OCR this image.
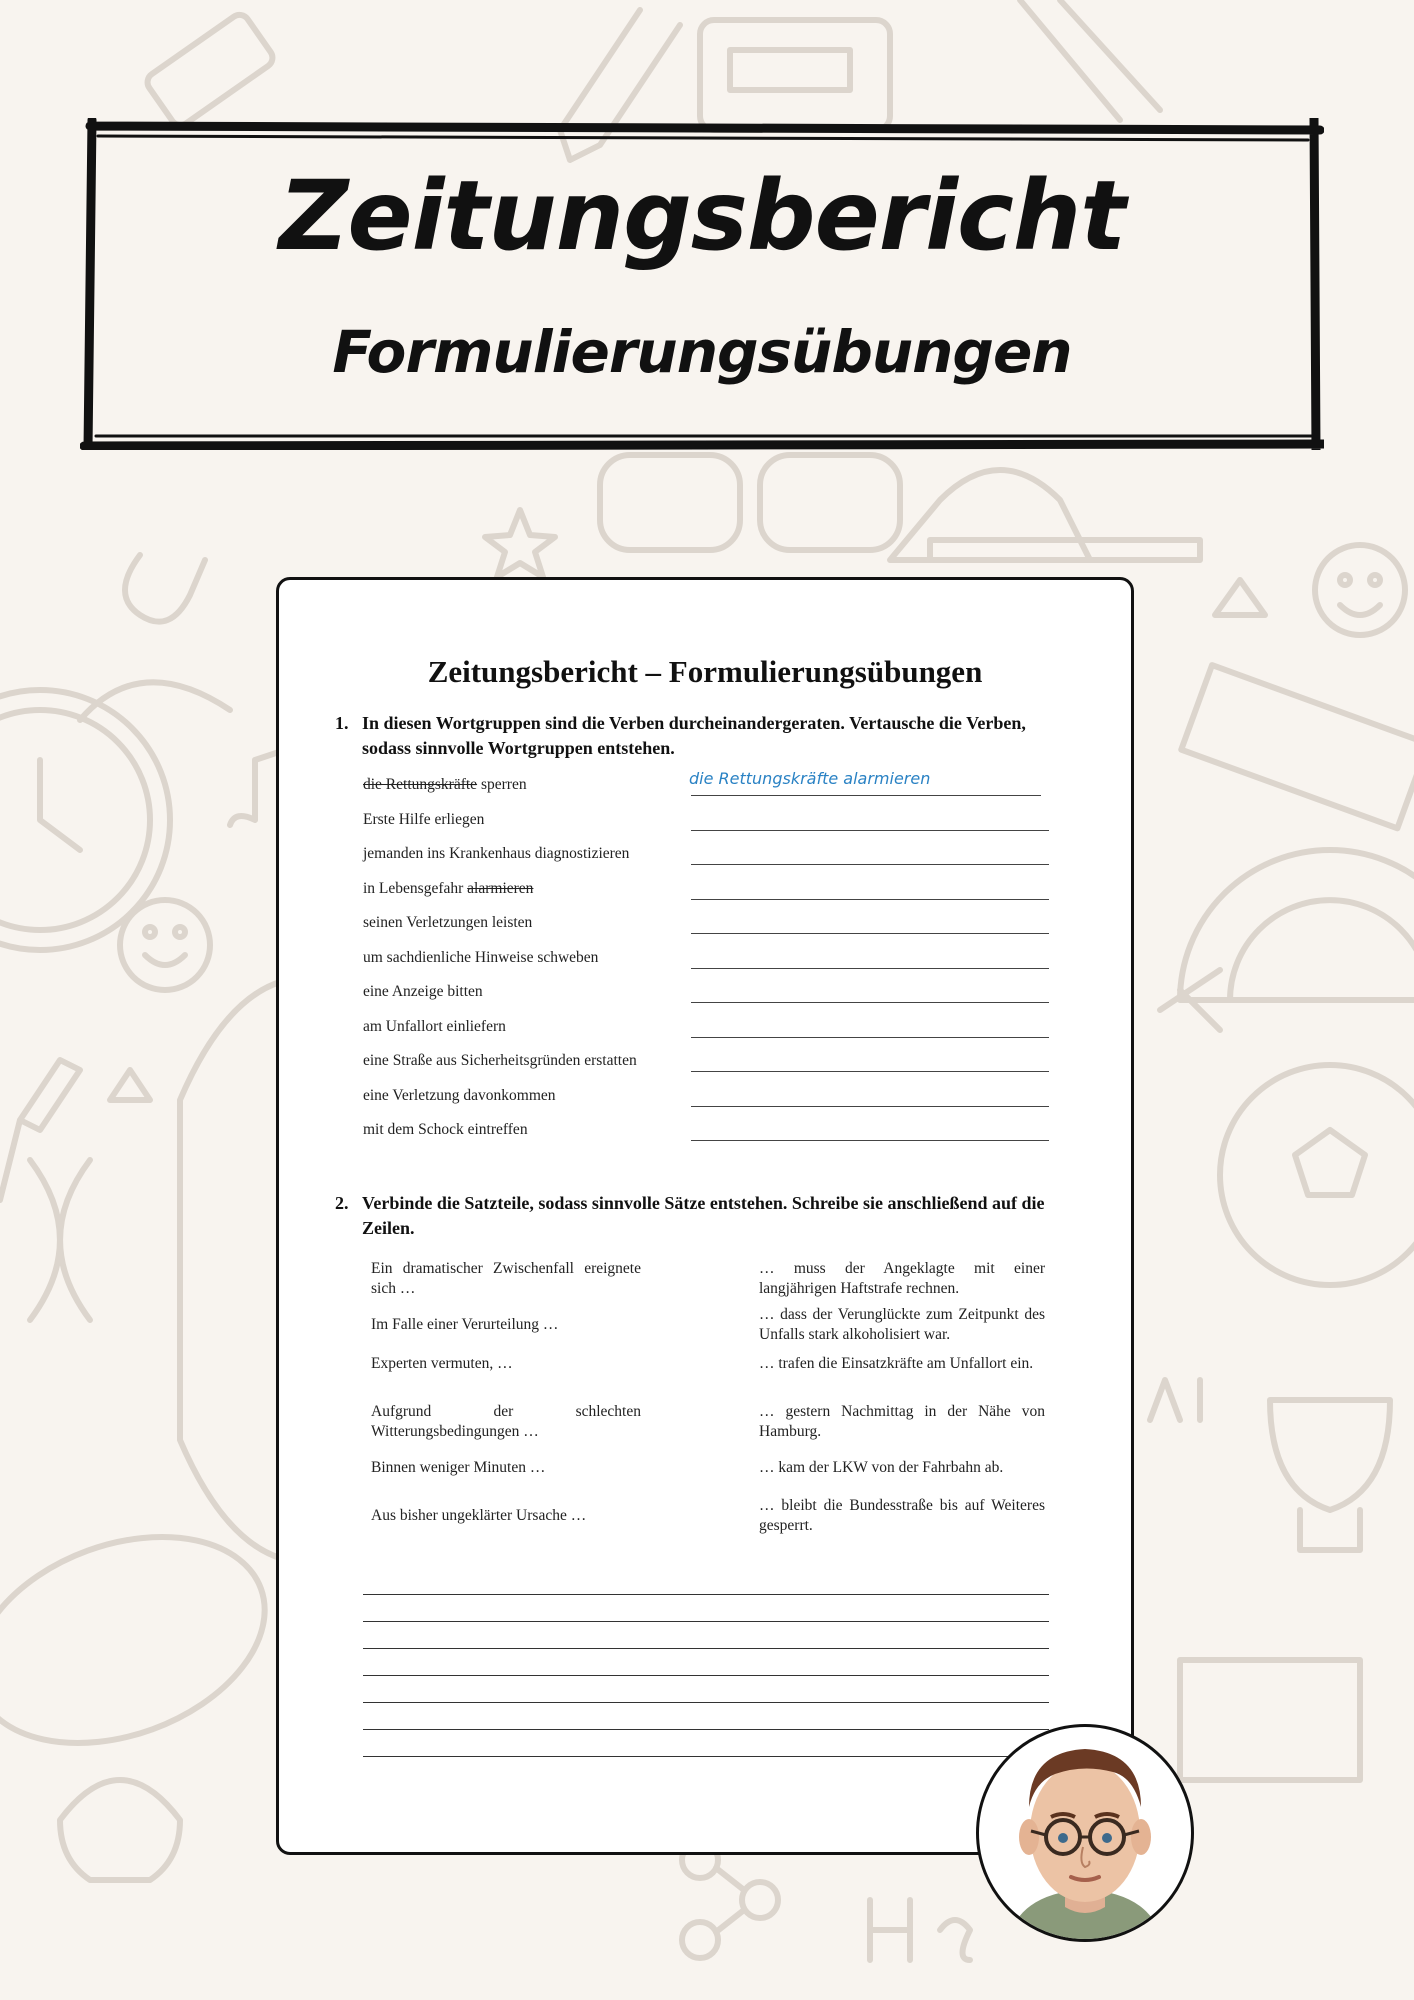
Zeitungsbericht
Formulierungsübungen
Zeitungsbericht – Formulierungsübungen
1. In diesen Wortgruppen sind die Verben durcheinandergeraten. Vertausche die Verben, sodass sinnvolle Wortgruppen entstehen.
die Rettungskräfte sperren	die Rettungskräfte alarmieren
Erste Hilfe erliegen
jemanden ins Krankenhaus diagnostizieren
in Lebensgefahr alarmieren
seinen Verletzungen leisten
um sachdienliche Hinweise schweben
eine Anzeige bitten
am Unfallort einliefern
eine Straße aus Sicherheitsgründen erstatten
eine Verletzung davonkommen
mit dem Schock eintreffen
2. Verbinde die Satzteile, sodass sinnvolle Sätze entstehen. Schreibe sie anschließend auf die Zeilen.
Ein dramatischer Zwischenfall ereignete sich …
Im Falle einer Verurteilung …
Experten vermuten, …
Aufgrund der schlechten Witterungsbedingungen …
Binnen weniger Minuten …
Aus bisher ungeklärter Ursache …
… muss der Angeklagte mit einer langjährigen Haftstrafe rechnen.
… dass der Verunglückte zum Zeitpunkt des Unfalls stark alkoholisiert war.
… trafen die Einsatzkräfte am Unfallort ein.
… gestern Nachmittag in der Nähe von Hamburg.
… kam der LKW von der Fahrbahn ab.
… bleibt die Bundesstraße bis auf Weiteres gesperrt.
